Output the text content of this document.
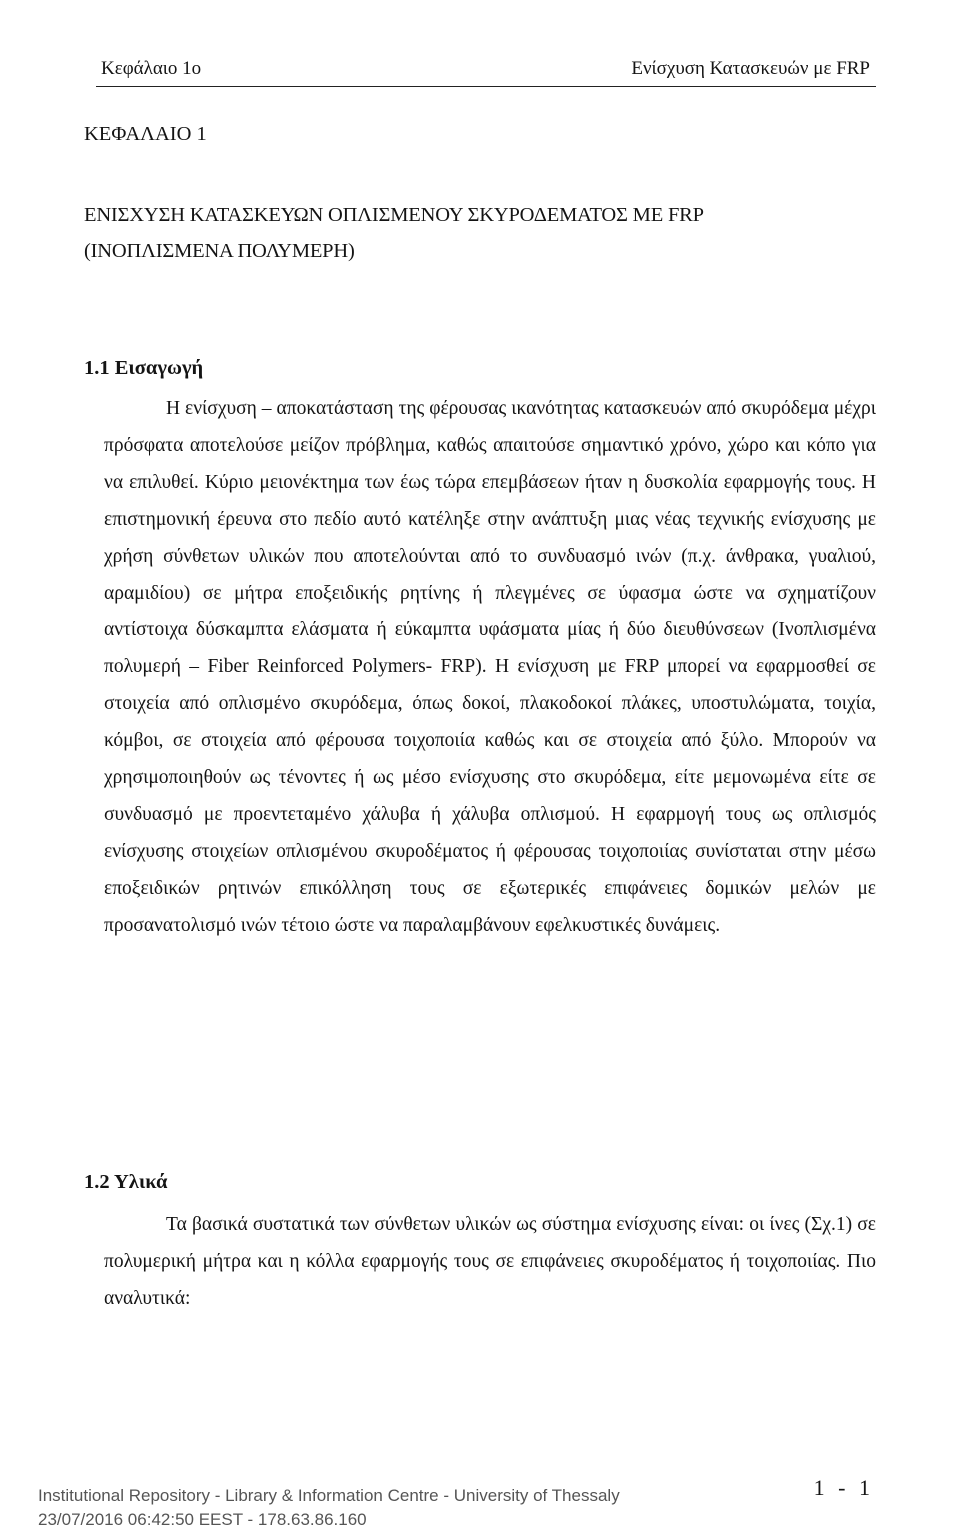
Κεφάλαιο 1ο	Ενίσχυση Κατασκευών με FRP
ΚΕΦΑΛΑΙΟ 1
ΕΝΙΣΧΥΣΗ ΚΑΤΑΣΚΕΥΩΝ ΟΠΛΙΣΜΕΝΟΥ ΣΚΥΡΟΔΕΜΑΤΟΣ ΜΕ FRP
(ΙΝΟΠΛΙΣΜΕΝΑ ΠΟΛΥΜΕΡΗ)
1.1 Εισαγωγή
Η ενίσχυση – αποκατάσταση της φέρουσας ικανότητας κατασκευών από σκυρόδεμα μέχρι πρόσφατα αποτελούσε μείζον πρόβλημα, καθώς απαιτούσε σημαντικό χρόνο, χώρο και κόπο για να επιλυθεί. Κύριο μειονέκτημα των έως τώρα επεμβάσεων ήταν η δυσκολία εφαρμογής τους. Η επιστημονική έρευνα στο πεδίο αυτό κατέληξε στην ανάπτυξη μιας νέας τεχνικής ενίσχυσης με χρήση σύνθετων υλικών που αποτελούνται από το συνδυασμό ινών (π.χ. άνθρακα, γυαλιού, αραμιδίου) σε μήτρα εποξειδικής ρητίνης ή πλεγμένες σε ύφασμα ώστε να σχηματίζουν αντίστοιχα δύσκαμπτα ελάσματα ή εύκαμπτα υφάσματα μίας ή δύο διευθύνσεων (Ινοπλισμένα πολυμερή – Fiber Reinforced Polymers- FRP). Η ενίσχυση με FRP μπορεί να εφαρμοσθεί σε στοιχεία από οπλισμένο σκυρόδεμα, όπως δοκοί, πλακοδοκοί πλάκες, υποστυλώματα, τοιχία, κόμβοι, σε στοιχεία από φέρουσα τοιχοποιία καθώς και σε στοιχεία από ξύλο. Μπορούν να χρησιμοποιηθούν ως τένοντες ή ως μέσο ενίσχυσης στο σκυρόδεμα, είτε μεμονωμένα είτε σε συνδυασμό με προεντεταμένο χάλυβα ή χάλυβα οπλισμού. Η εφαρμογή τους ως οπλισμός ενίσχυσης στοιχείων οπλισμένου σκυροδέματος ή φέρουσας τοιχοποιίας συνίσταται στην μέσω εποξειδικών ρητινών επικόλληση τους σε εξωτερικές επιφάνειες δομικών μελών με προσανατολισμό ινών τέτοιο ώστε να παραλαμβάνουν εφελκυστικές δυνάμεις.
1.2 Υλικά
Τα βασικά συστατικά των σύνθετων υλικών ως σύστημα ενίσχυσης είναι: οι ίνες (Σχ.1) σε πολυμερική μήτρα και η κόλλα εφαρμογής τους σε επιφάνειες σκυροδέματος ή τοιχοποιίας. Πιο αναλυτικά:
Institutional Repository - Library & Information Centre - University of Thessaly
23/07/2016 06:42:50 EEST - 178.63.86.160
1 - 1
